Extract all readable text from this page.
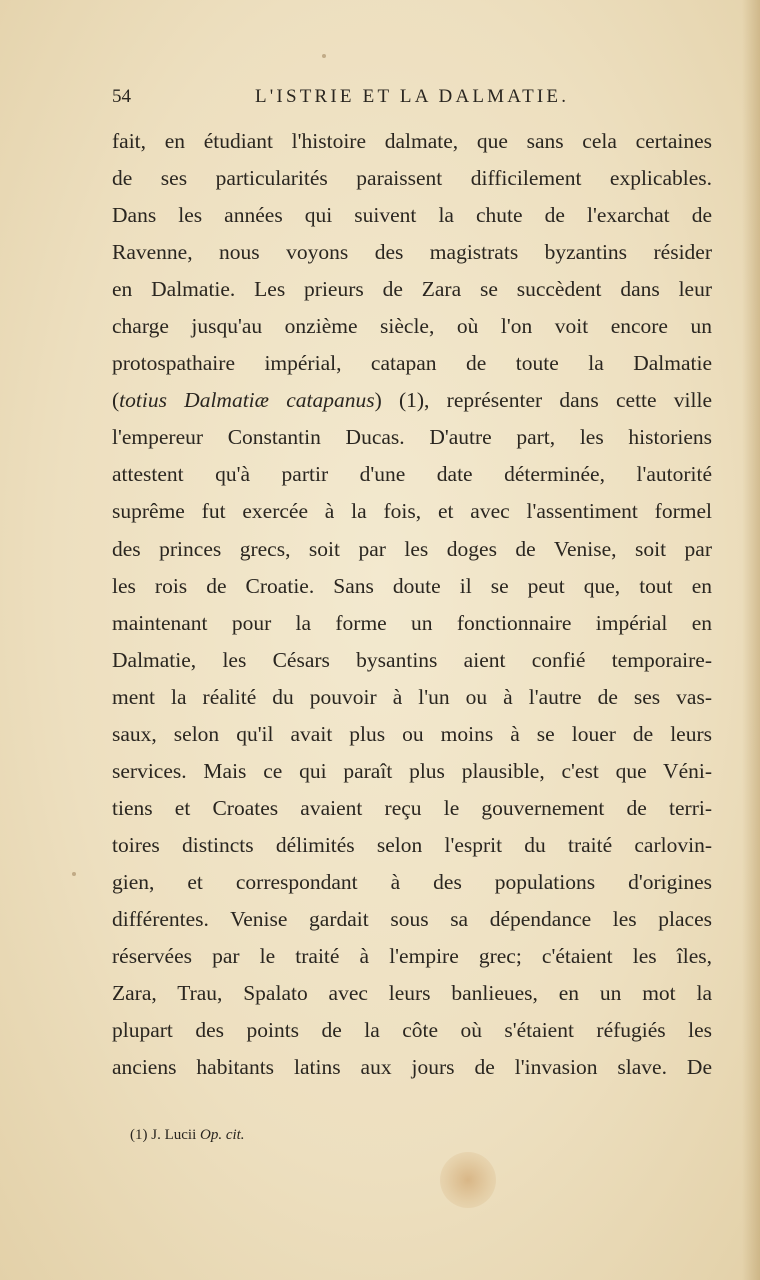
54	L'ISTRIE ET LA DALMATIE.
fait, en étudiant l'histoire dalmate, que sans cela certaines
de ses particularités paraissent difficilement explicables.
Dans les années qui suivent la chute de l'exarchat de
Ravenne, nous voyons des magistrats byzantins résider
en Dalmatie. Les prieurs de Zara se succèdent dans leur
charge jusqu'au onzième siècle, où l'on voit encore un
protospathaire impérial, catapan de toute la Dalmatie
(totius Dalmatiæ catapanus) (1), représenter dans cette ville
l'empereur Constantin Ducas. D'autre part, les historiens
attestent qu'à partir d'une date déterminée, l'autorité
suprême fut exercée à la fois, et avec l'assentiment formel
des princes grecs, soit par les doges de Venise, soit par
les rois de Croatie. Sans doute il se peut que, tout en
maintenant pour la forme un fonctionnaire impérial en
Dalmatie, les Césars bysantins aient confié temporaire-
ment la réalité du pouvoir à l'un ou à l'autre de ses vas-
saux, selon qu'il avait plus ou moins à se louer de leurs
services. Mais ce qui paraît plus plausible, c'est que Véni-
tiens et Croates avaient reçu le gouvernement de terri-
toires distincts délimités selon l'esprit du traité carlovin-
gien, et correspondant à des populations d'origines
différentes. Venise gardait sous sa dépendance les places
réservées par le traité à l'empire grec; c'étaient les îles,
Zara, Trau, Spalato avec leurs banlieues, en un mot la
plupart des points de la côte où s'étaient réfugiés les
anciens habitants latins aux jours de l'invasion slave. De
(1) J. Lucii Op. cit.
